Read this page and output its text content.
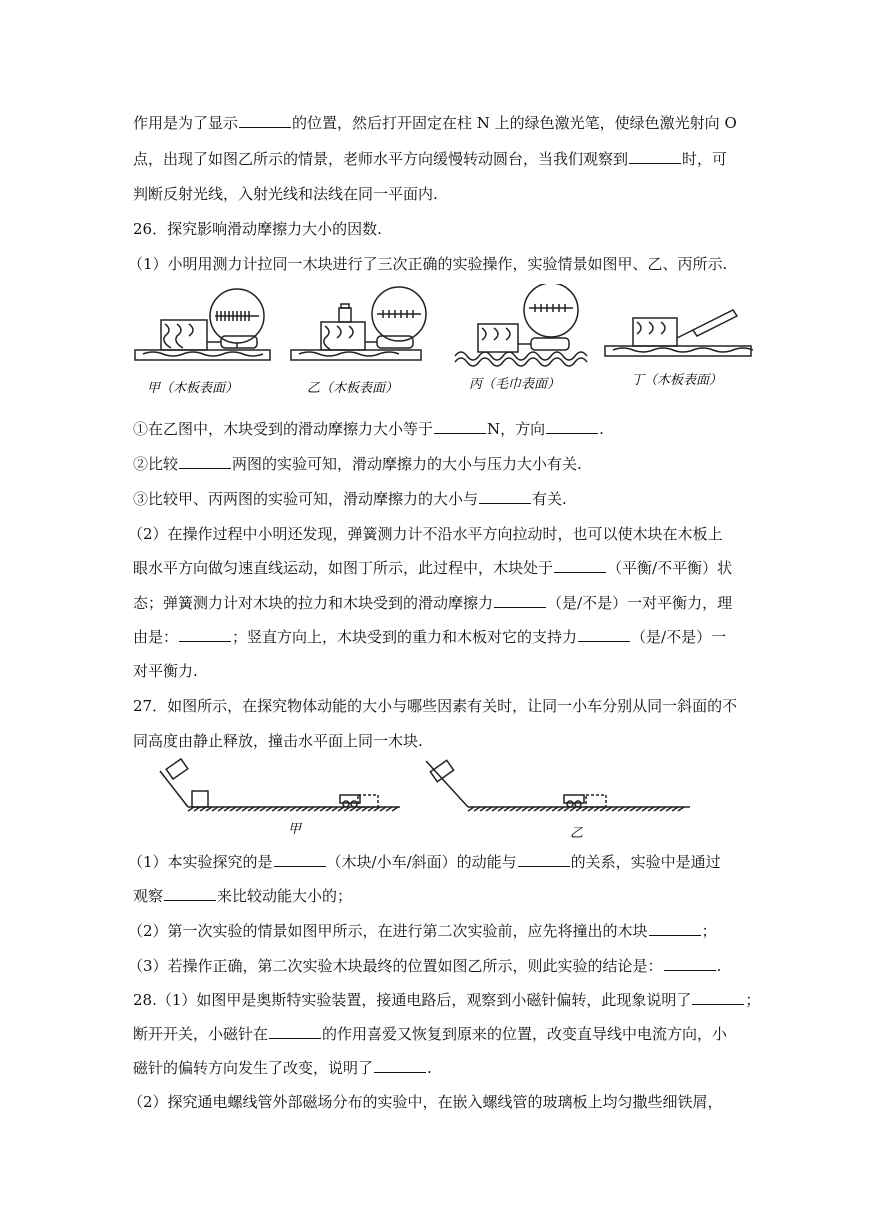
作用是为了显示	的位置，然后打开固定在柱 N 上的绿色激光笔，使绿色激光射向 O
点，出现了如图乙所示的情景，老师水平方向缓慢转动圆台，当我们观察到	时，可
判断反射光线，入射光线和法线在同一平面内.
26．探究影响滑动摩擦力大小的因数.
（1）小明用测力计拉同一木块进行了三次正确的实验操作，实验情景如图甲、乙、丙所示.
甲（木板表面）	乙（木板表面）	丙（毛巾表面）	丁（木板表面）
①在乙图中，木块受到的滑动摩擦力大小等于	N，方向	.
②比较	两图的实验可知，滑动摩擦力的大小与压力大小有关.
③比较甲、丙两图的实验可知，滑动摩擦力的大小与	有关.
（2）在操作过程中小明还发现，弹簧测力计不沿水平方向拉动时，也可以使木块在木板上
眼水平方向做匀速直线运动，如图丁所示，此过程中，木块处于	（平衡/不平衡）状
态；弹簧测力计对木块的拉力和木块受到的滑动摩擦力	（是/不是）一对平衡力，理
由是：	；竖直方向上，木块受到的重力和木板对它的支持力	（是/不是）一
对平衡力.
27．如图所示，在探究物体动能的大小与哪些因素有关时，让同一小车分别从同一斜面的不
同高度由静止释放，撞击水平面上同一木块.
甲	乙
（1）本实验探究的是	（木块/小车/斜面）的动能与	的关系，实验中是通过
观察	来比较动能大小的；
（2）第一次实验的情景如图甲所示，在进行第二次实验前，应先将撞出的木块	；
（3）若操作正确，第二次实验木块最终的位置如图乙所示，则此实验的结论是：	.
28.（1）如图甲是奥斯特实验装置，接通电路后，观察到小磁针偏转，此现象说明了	；
断开开关，小磁针在	的作用喜爱又恢复到原来的位置，改变直导线中电流方向，小
磁针的偏转方向发生了改变，说明了	.
（2）探究通电螺线管外部磁场分布的实验中，在嵌入螺线管的玻璃板上均匀撒些细铁屑，
